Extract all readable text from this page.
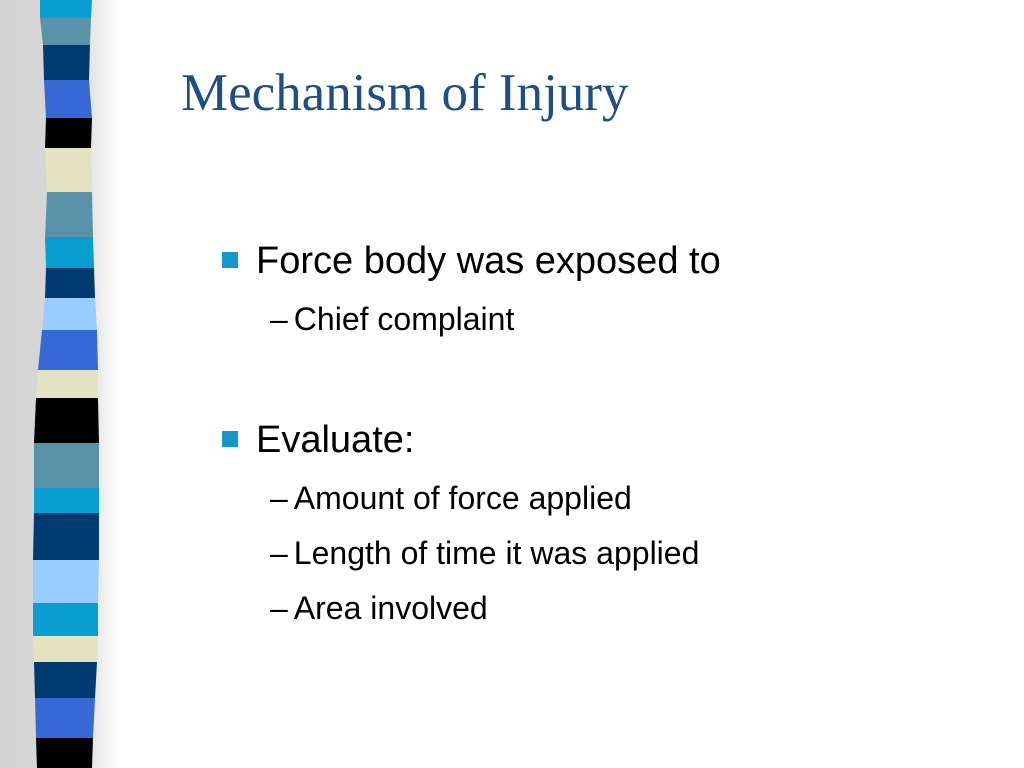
Mechanism of Injury
Force body was exposed to
– Chief complaint
Evaluate:
– Amount of force applied
– Length of time it was applied
– Area involved
